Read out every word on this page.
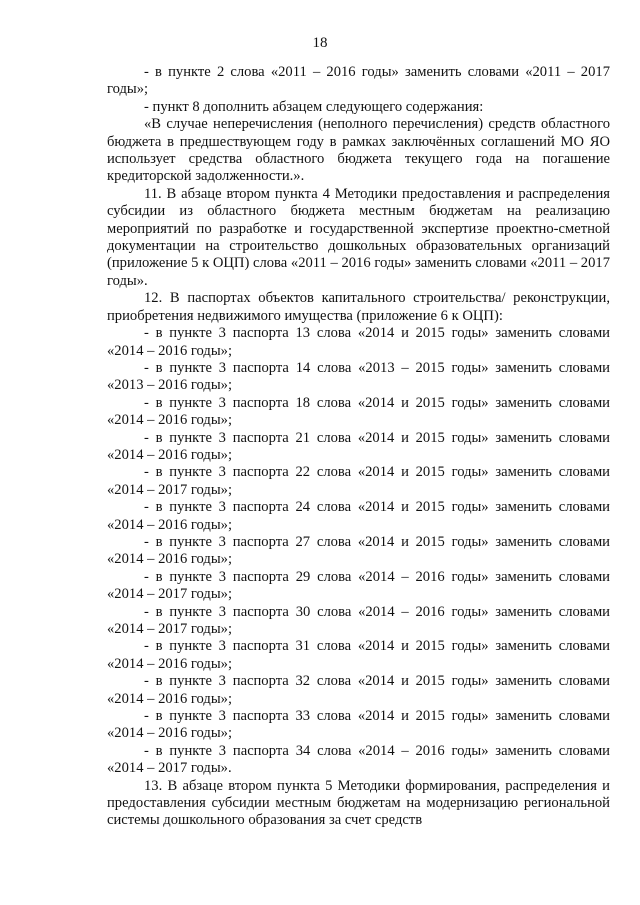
18

- в пункте 2 слова «2011 – 2016 годы» заменить словами «2011 – 2017 годы»;

- пункт 8 дополнить абзацем следующего содержания:

«В случае неперечисления (неполного перечисления) средств областного бюджета в предшествующем году в рамках заключённых соглашений МО ЯО использует средства областного бюджета текущего года на погашение кредиторской задолженности.».

11. В абзаце втором пункта 4 Методики предоставления и распределения субсидии из областного бюджета местным бюджетам на реализацию мероприятий по разработке и государственной экспертизе проектно-сметной документации на строительство дошкольных образовательных организаций (приложение 5 к ОЦП) слова «2011 – 2016 годы» заменить словами «2011 – 2017 годы».

12. В паспортах объектов капитального строительства/ реконструкции, приобретения недвижимого имущества (приложение 6 к ОЦП):

- в пункте 3 паспорта 13 слова «2014 и 2015 годы» заменить словами «2014 – 2016 годы»;

- в пункте 3 паспорта 14 слова «2013 – 2015 годы» заменить словами «2013 – 2016 годы»;

- в пункте 3 паспорта 18 слова «2014 и 2015 годы» заменить словами «2014 – 2016 годы»;

- в пункте 3 паспорта 21 слова «2014 и 2015 годы» заменить словами «2014 – 2016 годы»;

- в пункте 3 паспорта 22 слова «2014 и 2015 годы» заменить словами «2014 – 2017 годы»;

- в пункте 3 паспорта 24 слова «2014 и 2015 годы» заменить словами «2014 – 2016 годы»;

- в пункте 3 паспорта 27 слова «2014 и 2015 годы» заменить словами «2014 – 2016 годы»;

- в пункте 3 паспорта 29 слова «2014 – 2016 годы» заменить словами «2014 – 2017 годы»;

- в пункте 3 паспорта 30 слова «2014 – 2016 годы» заменить словами «2014 – 2017 годы»;

- в пункте 3 паспорта 31 слова «2014 и 2015 годы» заменить словами «2014 – 2016 годы»;

- в пункте 3 паспорта 32 слова «2014 и 2015 годы» заменить словами «2014 – 2016 годы»;

- в пункте 3 паспорта 33 слова «2014 и 2015 годы» заменить словами «2014 – 2016 годы»;

- в пункте 3 паспорта 34 слова «2014 – 2016 годы» заменить словами «2014 – 2017 годы».

13. В абзаце втором пункта 5 Методики формирования, распределения и предоставления субсидии местным бюджетам на модернизацию региональной системы дошкольного образования за счет средств
